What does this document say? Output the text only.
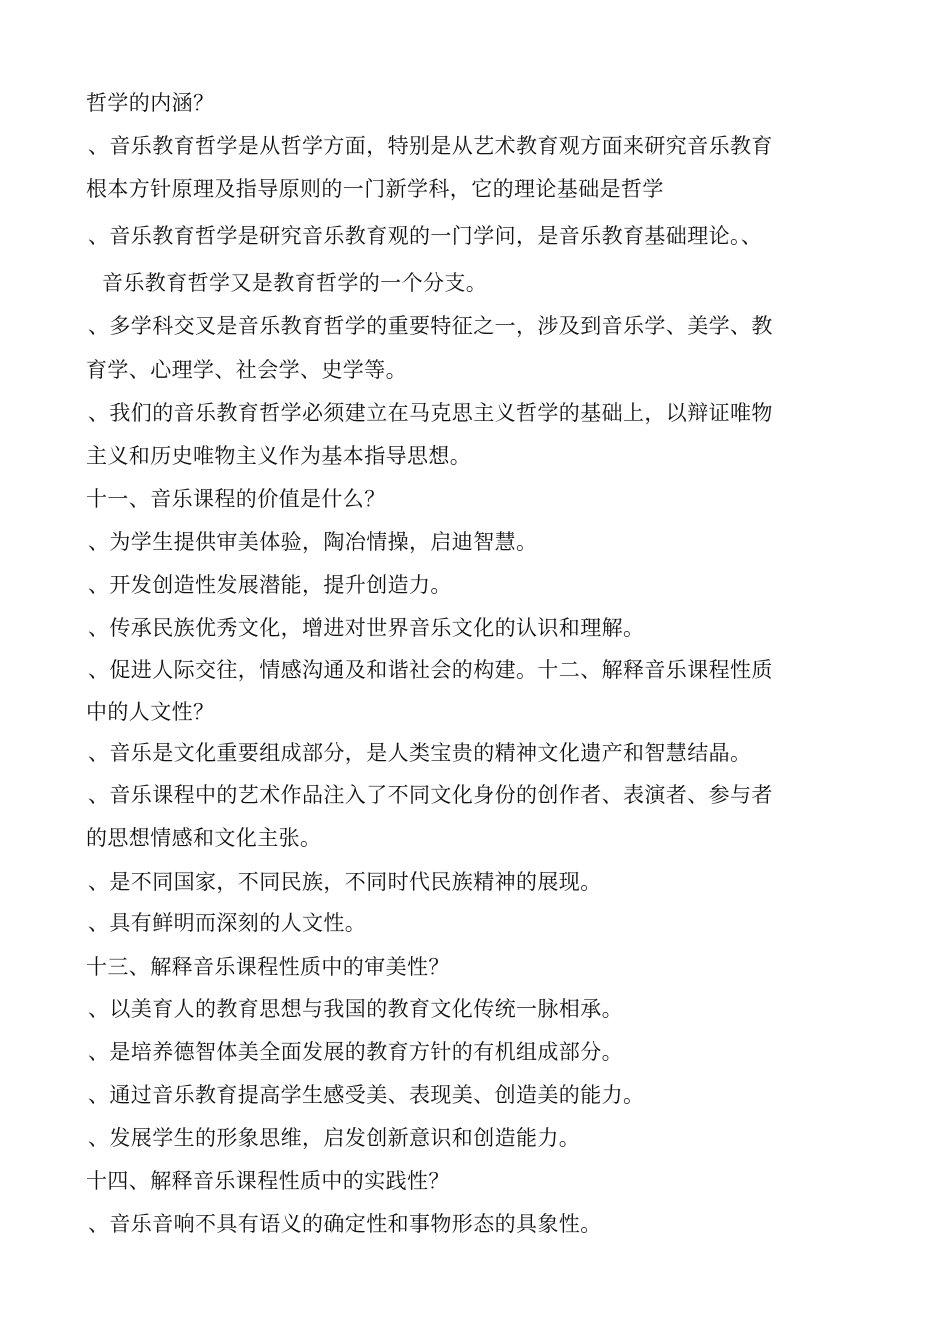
哲学的内涵？
、音乐教育哲学是从哲学方面，特别是从艺术教育观方面来研究音乐教育
根本方针原理及指导原则的一门新学科，它的理论基础是哲学
、音乐教育哲学是研究音乐教育观的一门学问，是音乐教育基础理论。、
音乐教育哲学又是教育哲学的一个分支。
、多学科交叉是音乐教育哲学的重要特征之一，涉及到音乐学、美学、教
育学、心理学、社会学、史学等。
、我们的音乐教育哲学必须建立在马克思主义哲学的基础上，以辩证唯物
主义和历史唯物主义作为基本指导思想。
十一、音乐课程的价值是什么？
、为学生提供审美体验，陶冶情操，启迪智慧。
、开发创造性发展潜能，提升创造力。
、传承民族优秀文化，增进对世界音乐文化的认识和理解。
、促进人际交往，情感沟通及和谐社会的构建。十二、解释音乐课程性质
中的人文性？
、音乐是文化重要组成部分，是人类宝贵的精神文化遗产和智慧结晶。
、音乐课程中的艺术作品注入了不同文化身份的创作者、表演者、参与者
的思想情感和文化主张。
、是不同国家，不同民族，不同时代民族精神的展现。
、具有鲜明而深刻的人文性。
十三、解释音乐课程性质中的审美性？
、以美育人的教育思想与我国的教育文化传统一脉相承。
、是培养德智体美全面发展的教育方针的有机组成部分。
、通过音乐教育提高学生感受美、表现美、创造美的能力。
、发展学生的形象思维，启发创新意识和创造能力。
十四、解释音乐课程性质中的实践性？
、音乐音响不具有语义的确定性和事物形态的具象性。
